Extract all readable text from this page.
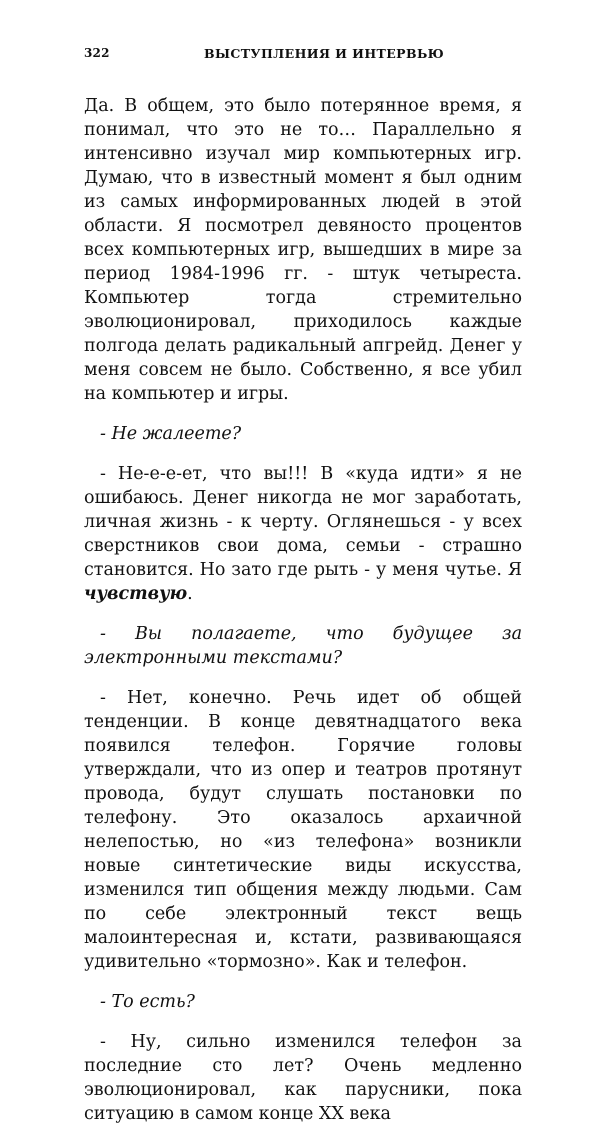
322	ВЫСТУПЛЕНИЯ И ИНТЕРВЬЮ

Да. В общем, это было потерянное время, я понимал, что это не то… Параллельно я интенсивно изучал мир компьютерных игр. Думаю, что в известный момент я был одним из самых информированных людей в этой области. Я посмотрел девяносто процентов всех компьютерных игр, вышедших в мире за период 1984-1996 гг. - штук четыреста. Компьютер тогда стремительно эволюционировал, приходилось каждые полгода делать радикальный апгрейд. Денег у меня совсем не было. Собственно, я все убил на компьютер и игры.

- Не жалеете?

- Не-е-е-ет, что вы!!! В «куда идти» я не ошибаюсь. Денег никогда не мог заработать, личная жизнь - к черту. Оглянешься - у всех сверстников свои дома, семьи - страшно становится. Но зато где рыть - у меня чутье. Я чувствую.

- Вы полагаете, что будущее за электронными текстами?

- Нет, конечно. Речь идет об общей тенденции. В конце девятнадцатого века появился телефон. Горячие головы утверждали, что из опер и театров протянут провода, будут слушать постановки по телефону. Это оказалось архаичной нелепостью, но «из телефона» возникли новые синтетические виды искусства, изменился тип общения между людьми. Сам по себе электронный текст вещь малоинтересная и, кстати, развивающаяся удивительно «тормозно». Как и телефон.

- То есть?

- Ну, сильно изменился телефон за последние сто лет? Очень медленно эволюционировал, как парусники, пока ситуацию в самом конце XX века
